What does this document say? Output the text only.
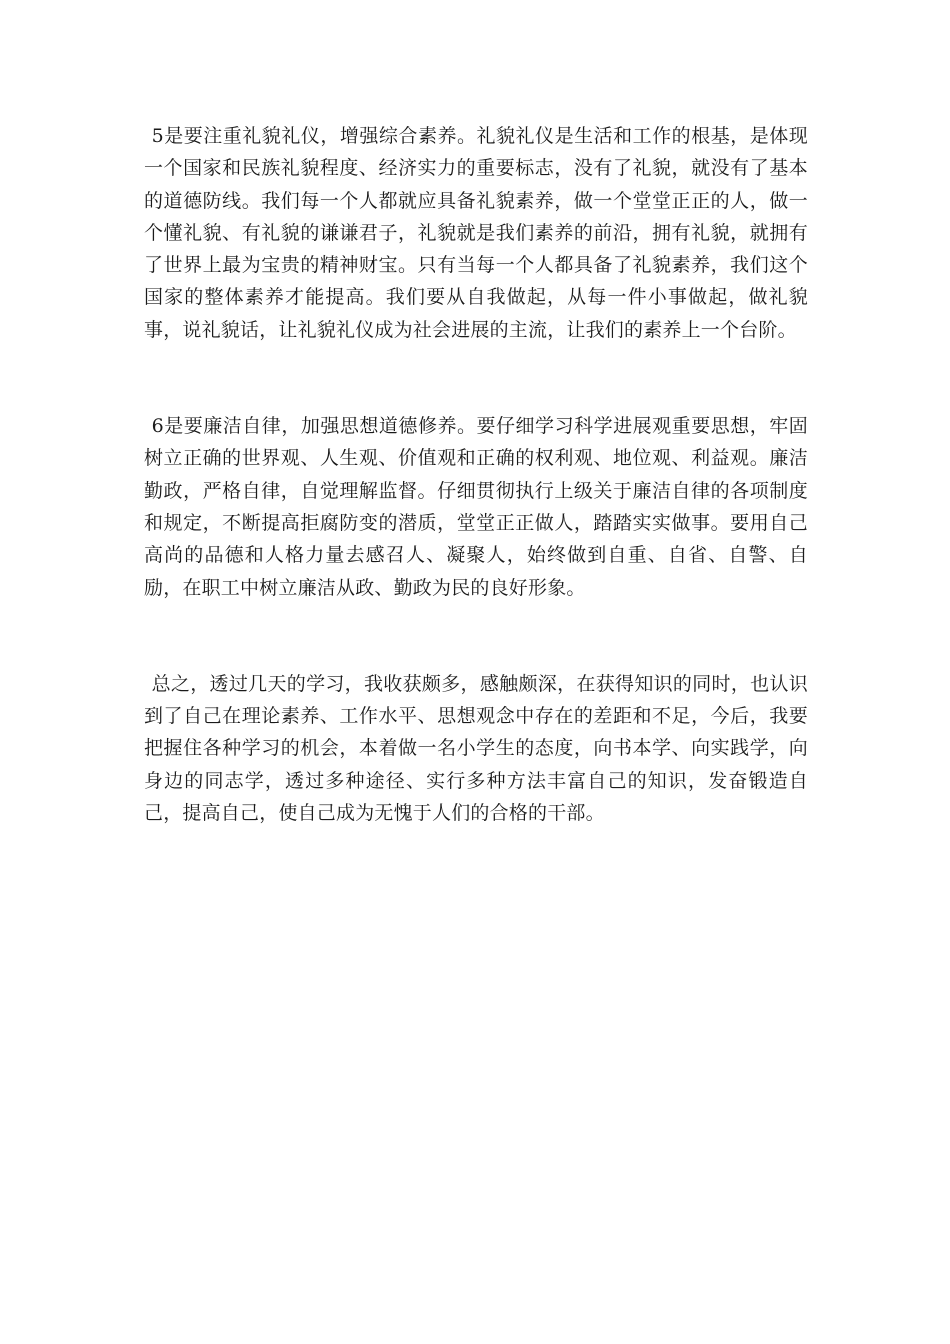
5是要注重礼貌礼仪，增强综合素养。礼貌礼仪是生活和工作的根基，是体现一个国家和民族礼貌程度、经济实力的重要标志，没有了礼貌，就没有了基本的道德防线。我们每一个人都就应具备礼貌素养，做一个堂堂正正的人，做一个懂礼貌、有礼貌的谦谦君子，礼貌就是我们素养的前沿，拥有礼貌，就拥有了世界上最为宝贵的精神财宝。只有当每一个人都具备了礼貌素养，我们这个国家的整体素养才能提高。我们要从自我做起，从每一件小事做起，做礼貌事，说礼貌话，让礼貌礼仪成为社会进展的主流，让我们的素养上一个台阶。

6是要廉洁自律，加强思想道德修养。要仔细学习科学进展观重要思想，牢固树立正确的世界观、人生观、价值观和正确的权利观、地位观、利益观。廉洁勤政，严格自律，自觉理解监督。仔细贯彻执行上级关于廉洁自律的各项制度和规定，不断提高拒腐防变的潜质，堂堂正正做人，踏踏实实做事。要用自己高尚的品德和人格力量去感召人、凝聚人，始终做到自重、自省、自警、自励，在职工中树立廉洁从政、勤政为民的良好形象。

总之，透过几天的学习，我收获颇多，感触颇深，在获得知识的同时，也认识到了自己在理论素养、工作水平、思想观念中存在的差距和不足，今后，我要把握住各种学习的机会，本着做一名小学生的态度，向书本学、向实践学，向身边的同志学，透过多种途径、实行多种方法丰富自己的知识，发奋锻造自己，提高自己，使自己成为无愧于人们的合格的干部。
